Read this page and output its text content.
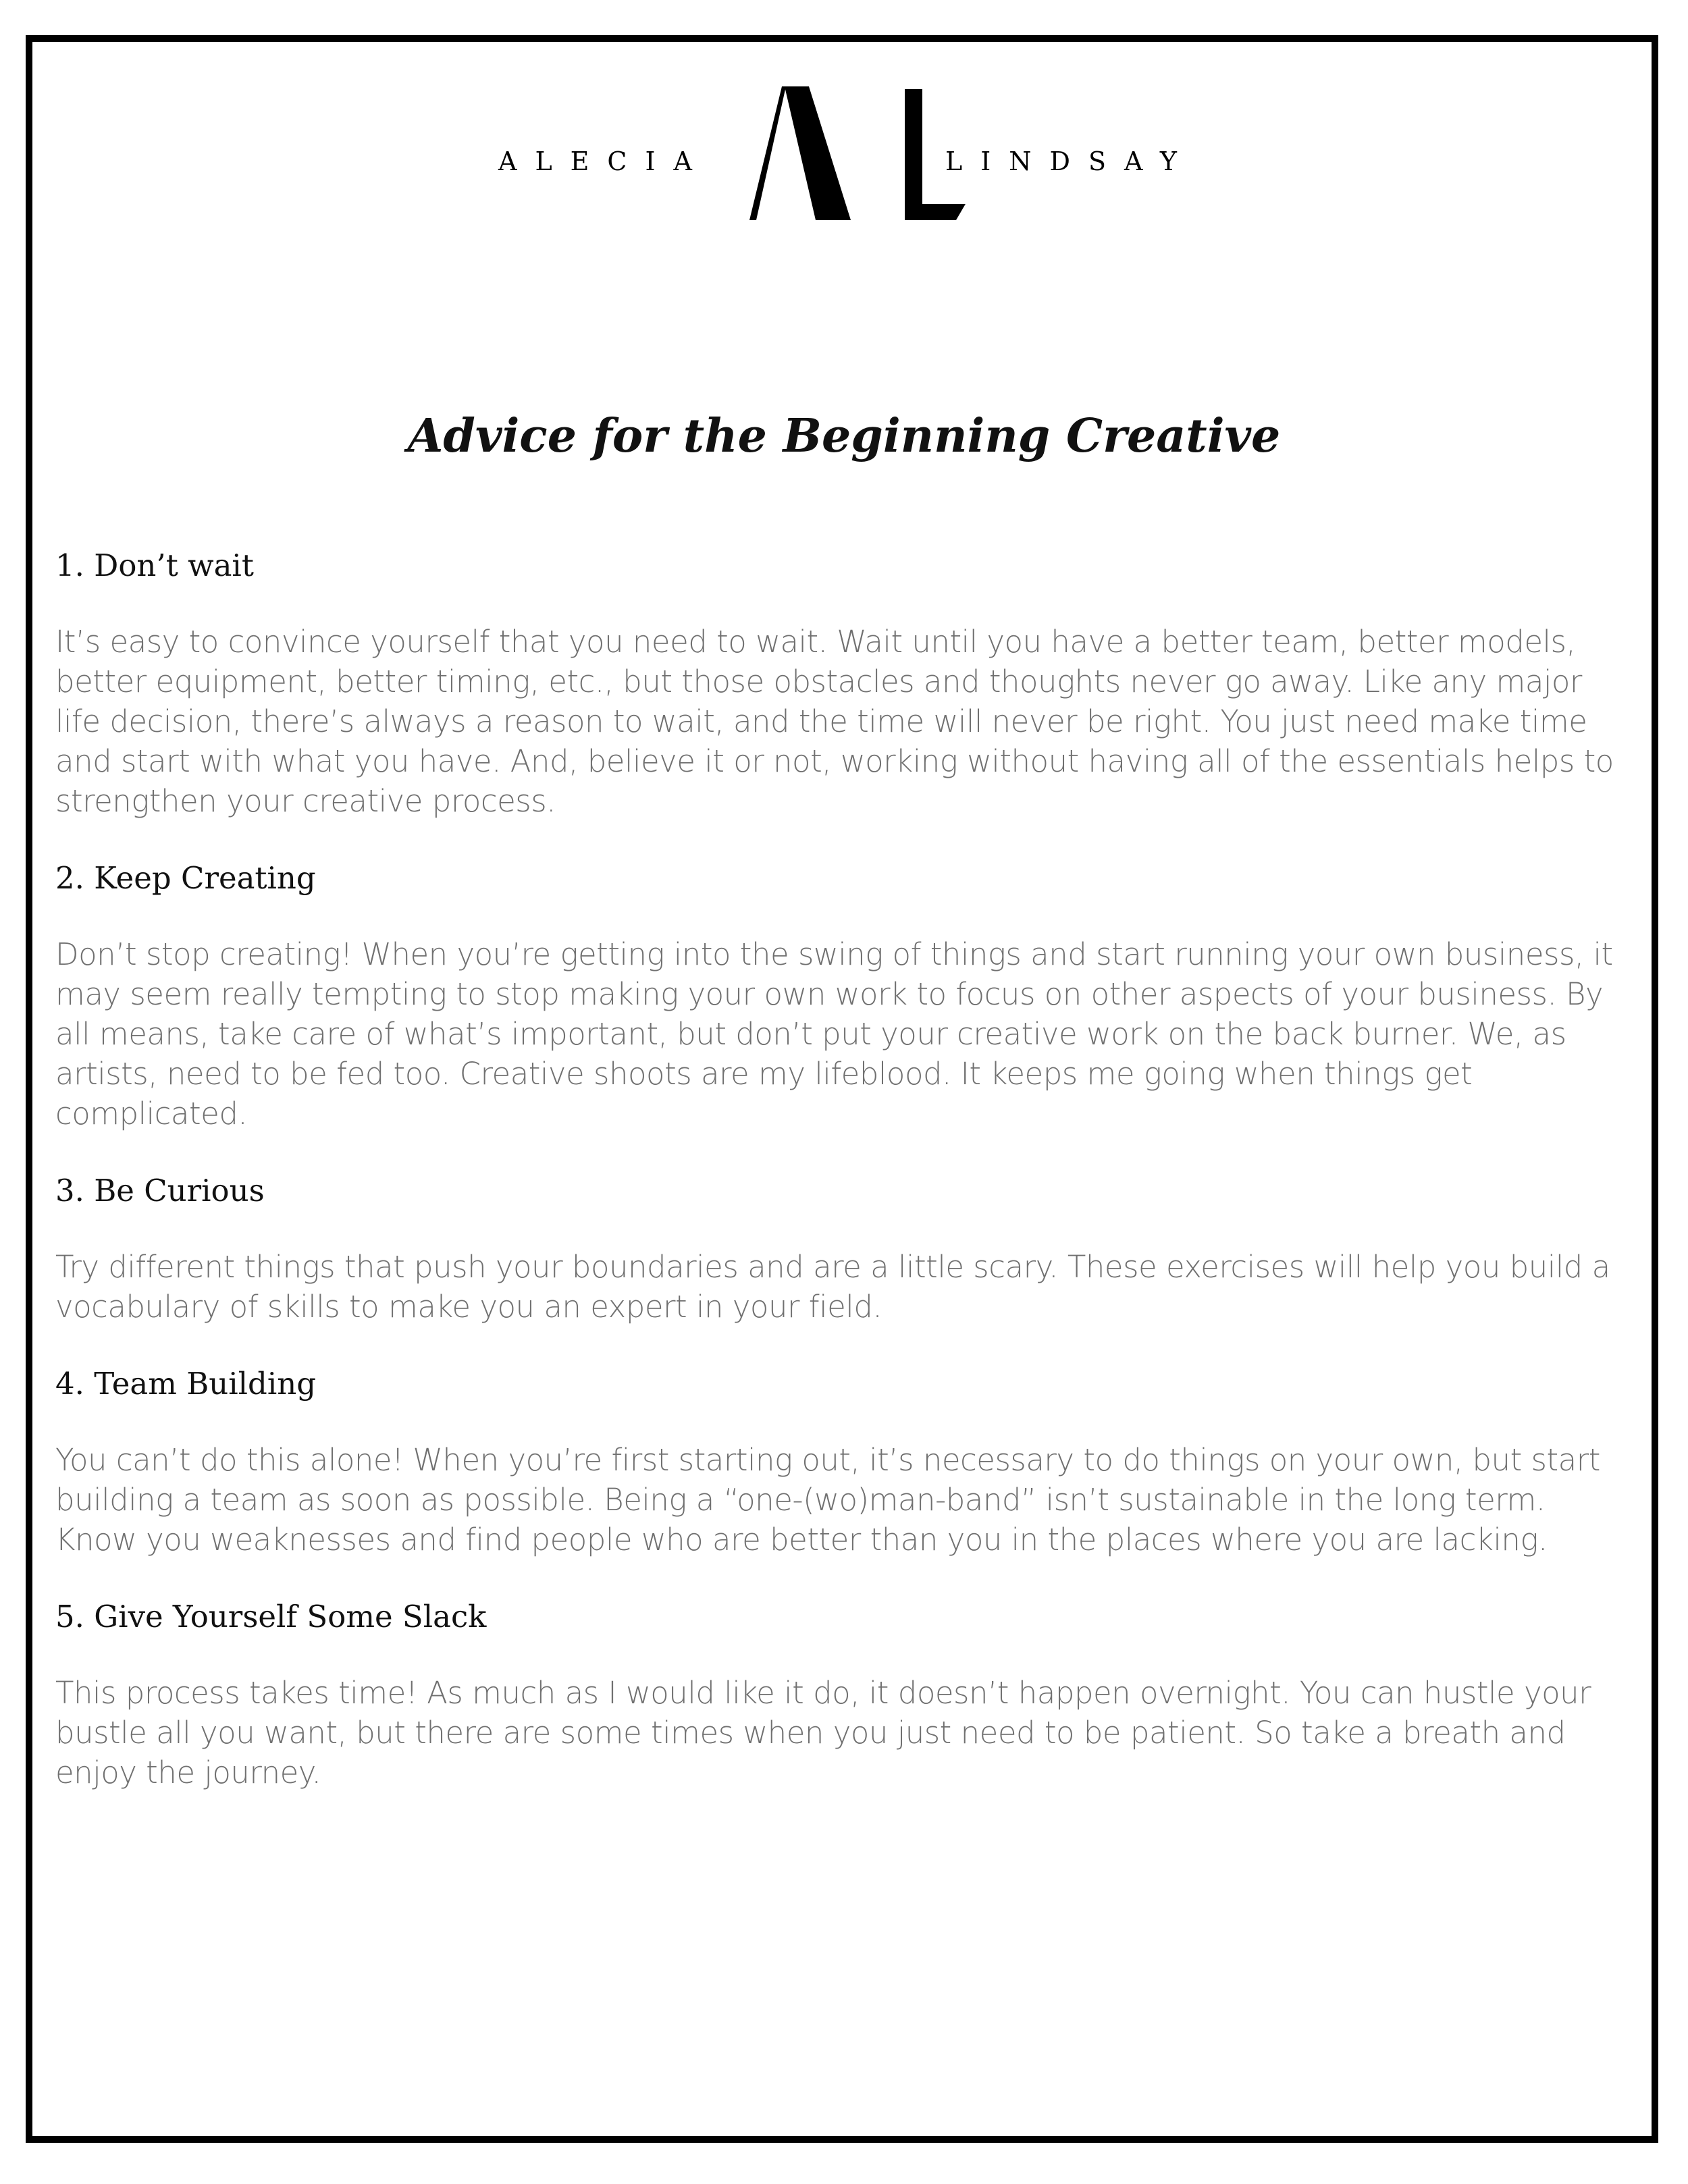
ALECIA	LINDSAY
Advice for the Beginning Creative
1. Don’t wait

It’s easy to convince yourself that you need to wait. Wait until you have a better team, better models, better equipment, better timing, etc., but those obstacles and thoughts never go away. Like any major life decision, there’s always a reason to wait, and the time will never be right. You just need make time and start with what you have. And, believe it or not, working without having all of the essentials helps to strengthen your creative process.

2. Keep Creating

Don’t stop creating! When you’re getting into the swing of things and start running your own business, it may seem really tempting to stop making your own work to focus on other aspects of your business. By all means, take care of what’s important, but don’t put your creative work on the back burner. We, as artists, need to be fed too. Creative shoots are my lifeblood. It keeps me going when things get complicated.

3. Be Curious

Try different things that push your boundaries and are a little scary. These exercises will help you build a vocabulary of skills to make you an expert in your field.

4. Team Building

You can’t do this alone! When you’re first starting out, it’s necessary to do things on your own, but start building a team as soon as possible. Being a “one-(wo)man-band” isn’t sustainable in the long term. Know you weaknesses and find people who are better than you in the places where you are lacking.

5. Give Yourself Some Slack

This process takes time! As much as I would like it do, it doesn’t happen overnight. You can hustle your bustle all you want, but there are some times when you just need to be patient. So take a breath and enjoy the journey.
